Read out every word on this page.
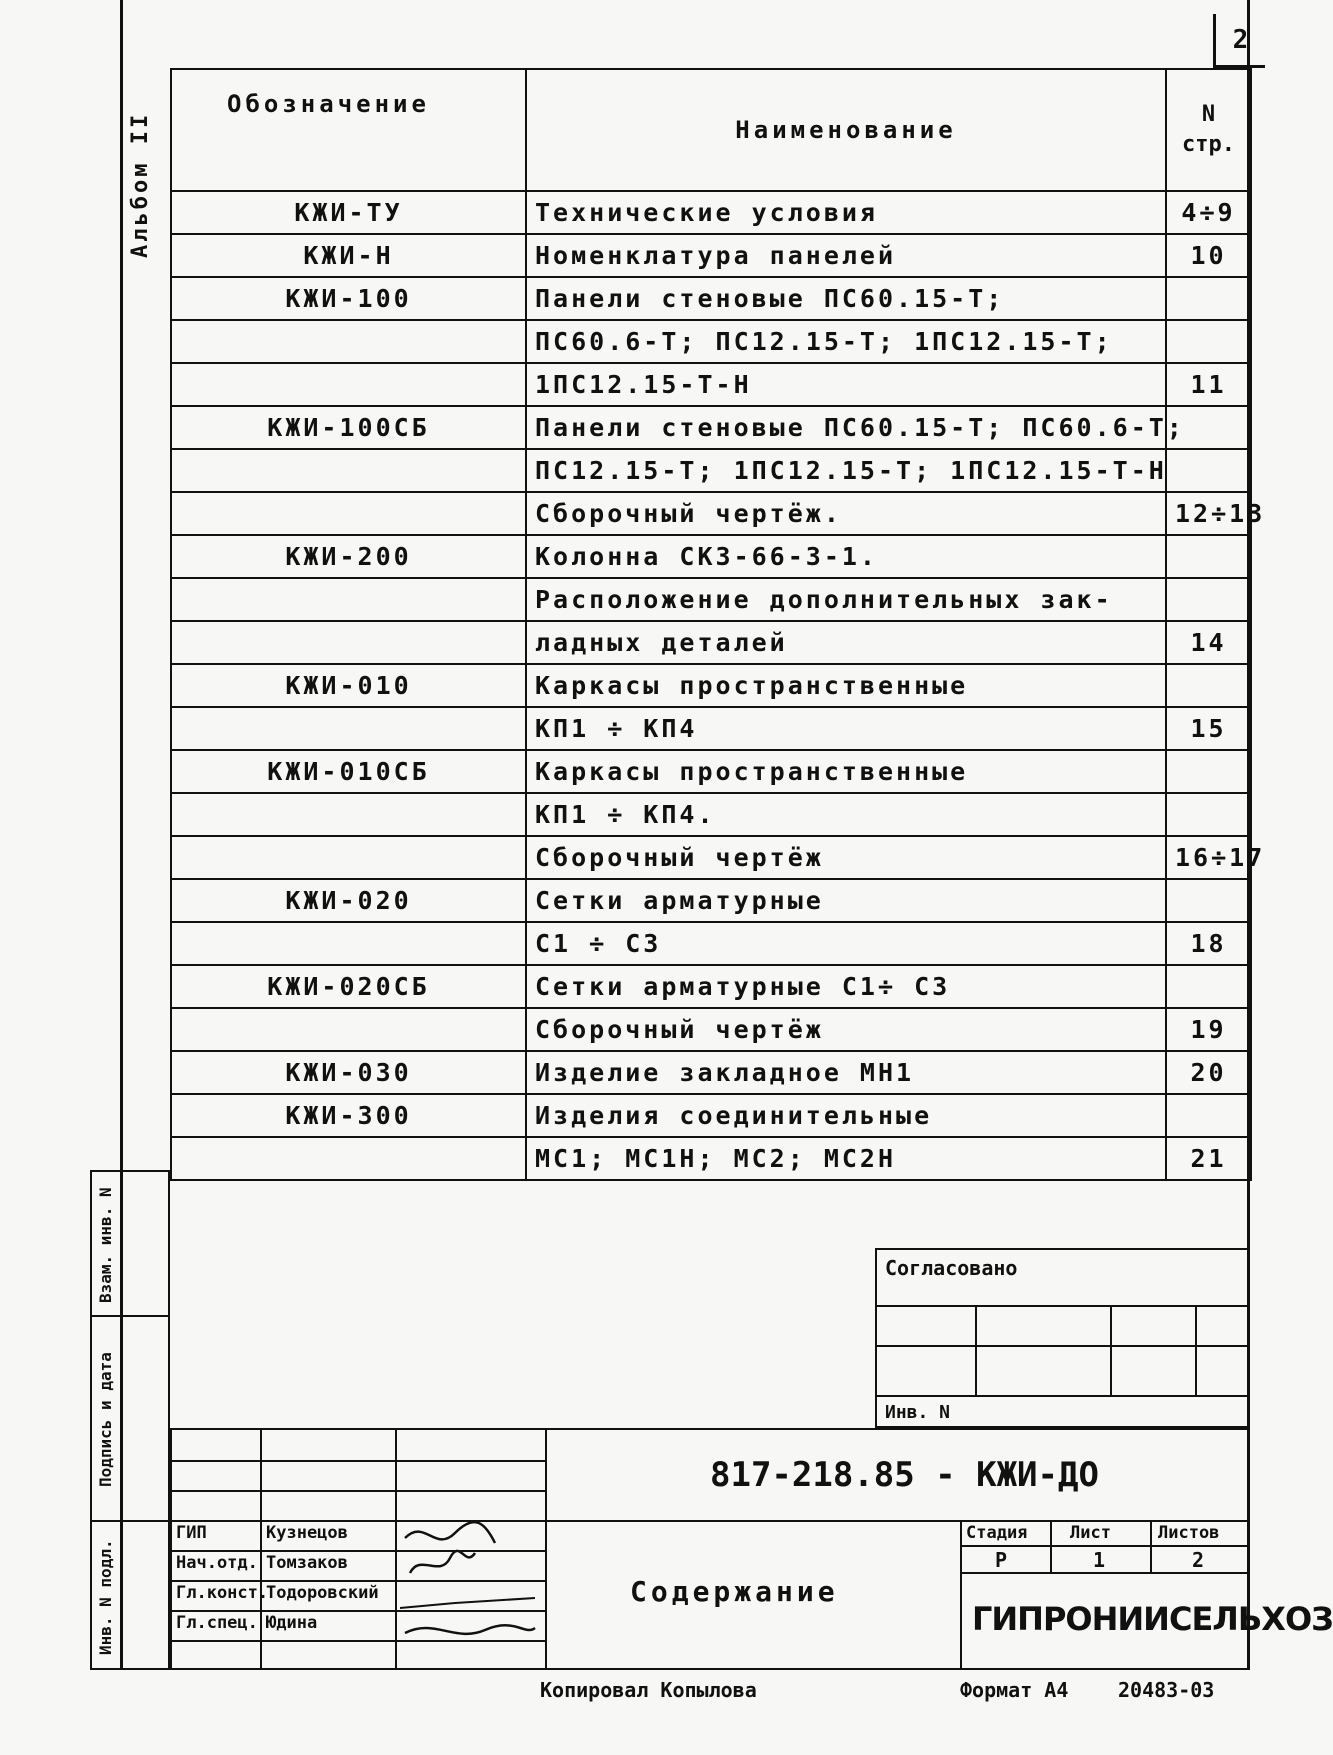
2
Альбом II
Обозначение	Наименование	N
стр.
КЖИ-ТУ	Технические условия	4÷9
КЖИ-Н	Номенклатура панелей	10
КЖИ-100	Панели стеновые ПС60.15-Т;	
	ПС60.6-Т; ПС12.15-Т; 1ПС12.15-Т;	
	1ПС12.15-Т-Н	11
КЖИ-100СБ	Панели стеновые ПС60.15-Т; ПС60.6-Т;	
	ПС12.15-Т; 1ПС12.15-Т; 1ПС12.15-Т-Н	
	Сборочный чертёж.	12÷13
КЖИ-200	Колонна СК3-66-3-1.	
	Расположение дополнительных зак-	
	ладных деталей	14
КЖИ-010	Каркасы пространственные	
	КП1 ÷ КП4	15
КЖИ-010СБ	Каркасы пространственные	
	КП1 ÷ КП4.	
	Сборочный чертёж	16÷17
КЖИ-020	Сетки арматурные	
	С1 ÷ С3	18
КЖИ-020СБ	Сетки арматурные С1÷ С3	
	Сборочный чертёж	19
КЖИ-030	Изделие закладное МН1	20
КЖИ-300	Изделия соединительные	
	МС1; МС1Н; МС2; МС2Н	21
Взам. инв. N
Подпись и дата
Инв. N подл.
Согласовано
Инв. N
817-218.85 - КЖИ-ДО
Содержание
ГИП	Кузнецов
Нач.отд. Томзаков
Гл.конст.
Тодоровский
Гл.спец. Юдина
Стадия	Лист	Листов
Р	1	2
ГИПРОНИИСЕЛЬХОЗ
Копировал Копылова	Формат А4 20483-03
